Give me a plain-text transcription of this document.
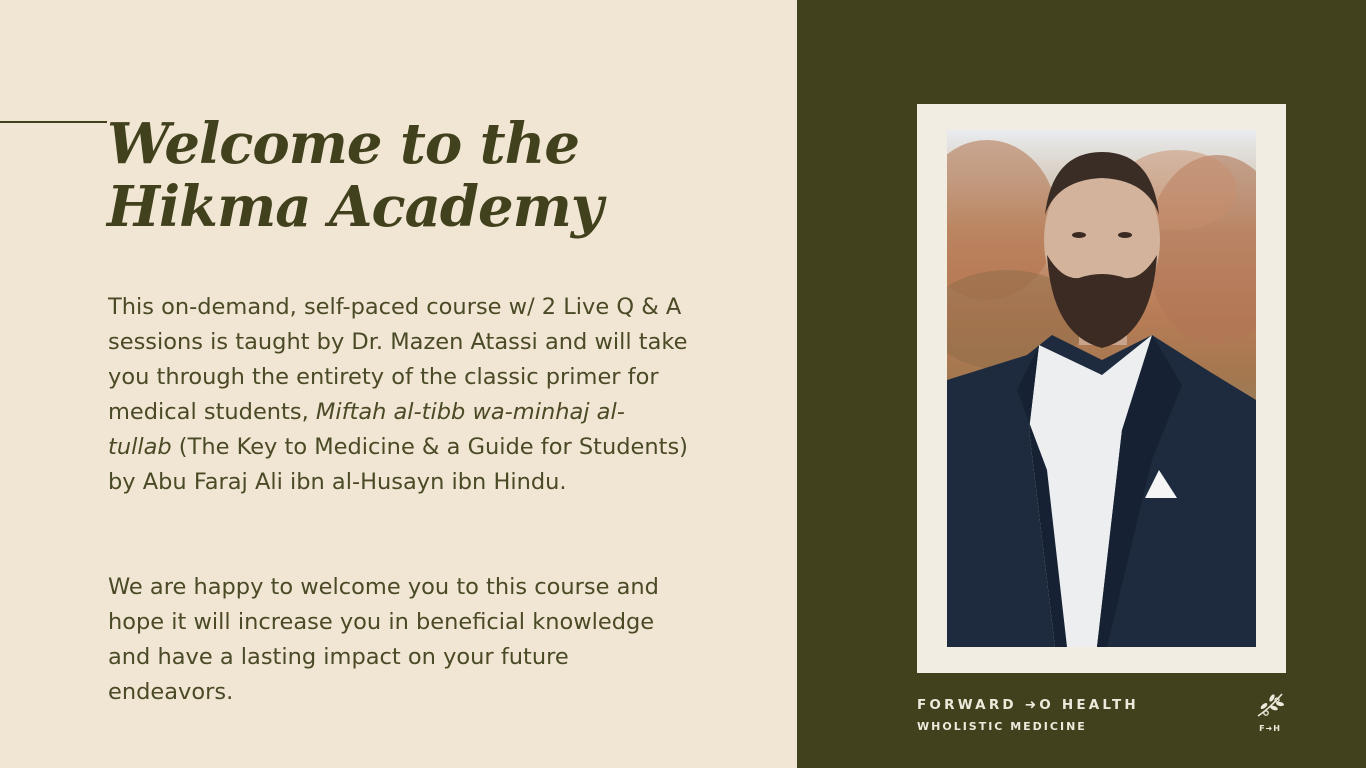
Welcome to the
Hikma Academy

This on-demand, self-paced course w/ 2 Live Q & A sessions is taught by Dr. Mazen Atassi and will take you through the entirety of the classic primer for medical students, Miftah al-tibb wa-minhaj al-tullab (The Key to Medicine & a Guide for Students) by Abu Faraj Ali ibn al-Husayn ibn Hindu.

We are happy to welcome you to this course and hope it will increase you in beneficial knowledge and have a lasting impact on your future endeavors.	FORWARD ➜O HEALTH
WHOLISTIC MEDICINE	F➜H
